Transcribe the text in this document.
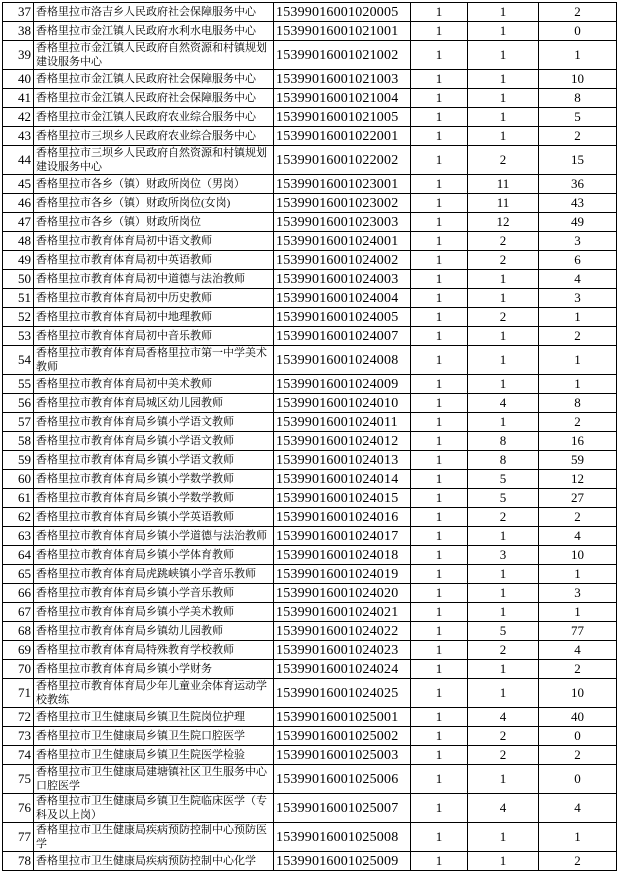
37	香格里拉市洛吉乡人民政府社会保障服务中心	15399016001020005	1	1	2
38	香格里拉市金江镇人民政府水利水电服务中心	15399016001021001	1	1	0
39	香格里拉市金江镇人民政府自然资源和村镇规划建设服务中心	15399016001021002	1	1	1
40	香格里拉市金江镇人民政府社会保障服务中心	15399016001021003	1	1	10
41	香格里拉市金江镇人民政府社会保障服务中心	15399016001021004	1	1	8
42	香格里拉市金江镇人民政府农业综合服务中心	15399016001021005	1	1	5
43	香格里拉市三坝乡人民政府农业综合服务中心	15399016001022001	1	1	2
44	香格里拉市三坝乡人民政府自然资源和村镇规划建设服务中心	15399016001022002	1	2	15
45	香格里拉市各乡（镇）财政所岗位（男岗）	15399016001023001	1	11	36
46	香格里拉市各乡（镇）财政所岗位(女岗)	15399016001023002	1	11	43
47	香格里拉市各乡（镇）财政所岗位	15399016001023003	1	12	49
48	香格里拉市教育体育局初中语文教师	15399016001024001	1	2	3
49	香格里拉市教育体育局初中英语教师	15399016001024002	1	2	6
50	香格里拉市教育体育局初中道德与法治教师	15399016001024003	1	1	4
51	香格里拉市教育体育局初中历史教师	15399016001024004	1	1	3
52	香格里拉市教育体育局初中地理教师	15399016001024005	1	2	1
53	香格里拉市教育体育局初中音乐教师	15399016001024007	1	1	2
54	香格里拉市教育体育局香格里拉市第一中学美术教师	15399016001024008	1	1	1
55	香格里拉市教育体育局初中美术教师	15399016001024009	1	1	1
56	香格里拉市教育体育局城区幼儿园教师	15399016001024010	1	4	8
57	香格里拉市教育体育局乡镇小学语文教师	15399016001024011	1	1	2
58	香格里拉市教育体育局乡镇小学语文教师	15399016001024012	1	8	16
59	香格里拉市教育体育局乡镇小学语文教师	15399016001024013	1	8	59
60	香格里拉市教育体育局乡镇小学数学教师	15399016001024014	1	5	12
61	香格里拉市教育体育局乡镇小学数学教师	15399016001024015	1	5	27
62	香格里拉市教育体育局乡镇小学英语教师	15399016001024016	1	2	2
63	香格里拉市教育体育局乡镇小学道德与法治教师	15399016001024017	1	1	4
64	香格里拉市教育体育局乡镇小学体育教师	15399016001024018	1	3	10
65	香格里拉市教育体育局虎跳峡镇小学音乐教师	15399016001024019	1	1	1
66	香格里拉市教育体育局乡镇小学音乐教师	15399016001024020	1	1	3
67	香格里拉市教育体育局乡镇小学美术教师	15399016001024021	1	1	1
68	香格里拉市教育体育局乡镇幼儿园教师	15399016001024022	1	5	77
69	香格里拉市教育体育局特殊教育学校教师	15399016001024023	1	2	4
70	香格里拉市教育体育局乡镇小学财务	15399016001024024	1	1	2
71	香格里拉市教育体育局少年儿童业余体育运动学校教练	15399016001024025	1	1	10
72	香格里拉市卫生健康局乡镇卫生院岗位护理	15399016001025001	1	4	40
73	香格里拉市卫生健康局乡镇卫生院口腔医学	15399016001025002	1	2	0
74	香格里拉市卫生健康局乡镇卫生院医学检验	15399016001025003	1	2	2
75	香格里拉市卫生健康局建塘镇社区卫生服务中心口腔医学	15399016001025006	1	1	0
76	香格里拉市卫生健康局乡镇卫生院临床医学（专科及以上岗）	15399016001025007	1	4	4
77	香格里拉市卫生健康局疾病预防控制中心预防医学	15399016001025008	1	1	1
78	香格里拉市卫生健康局疾病预防控制中心化学	15399016001025009	1	1	2
